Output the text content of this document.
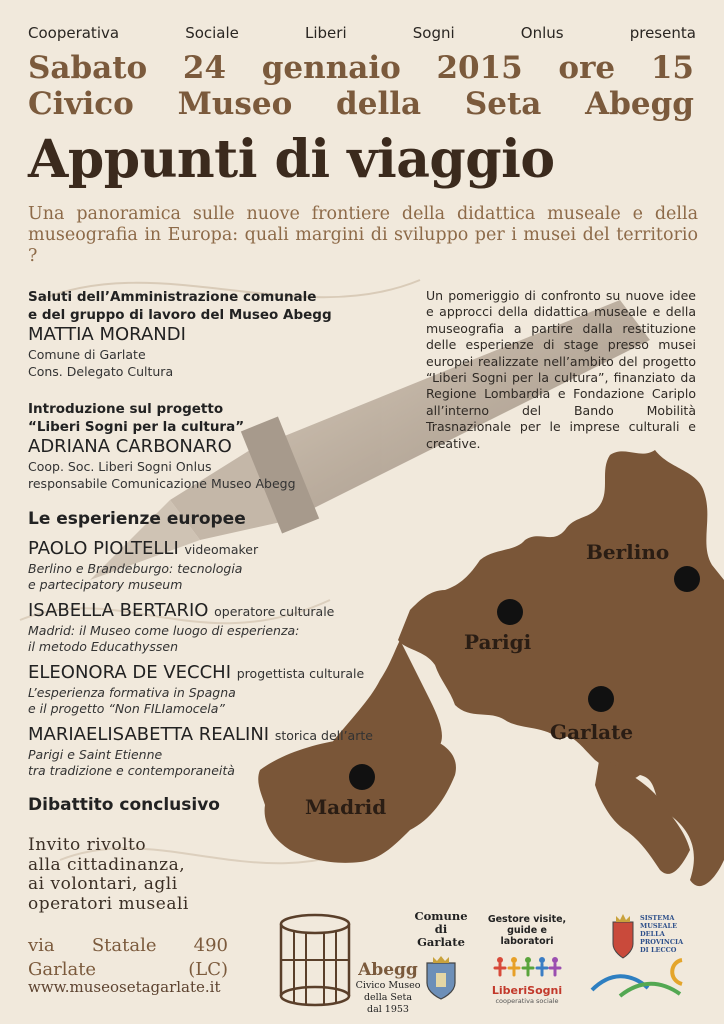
Cooperativa	Sociale	Liberi	Sogni	Onlus	presenta
Sabato 24 gennaio 2015 ore 15
Civico Museo della Seta Abegg
Appunti di viaggio
Una panoramica sulle nuove frontiere della didattica museale e della museografia in Europa: quali margini di sviluppo per i musei del territorio ?
Saluti dell’Amministrazione comunale
e del gruppo di lavoro del Museo Abegg
MATTIA MORANDI
Comune di Garlate
Cons. Delegato Cultura
Introduzione sul progetto
“Liberi Sogni per la cultura”
ADRIANA CARBONARO
Coop. Soc. Liberi Sogni Onlus
responsabile Comunicazione Museo Abegg
Le esperienze europee
PAOLO PIOLTELLI videomaker
Berlino e Brandeburgo: tecnologia
e partecipatory museum
ISABELLA BERTARIO operatore culturale
Madrid: il Museo come luogo di esperienza:
il metodo Educathyssen
ELEONORA DE VECCHI progettista culturale
L’esperienza formativa in Spagna
e il progetto “Non FILIamocela”
MARIAELISABETTA REALINI storica dell’arte
Parigi e Saint Etienne
tra tradizione e contemporaneità
Dibattito conclusivo
Un pomeriggio di confronto su nuove idee e approcci della didattica museale e della museografia a partire dalla restituzione delle esperienze di stage presso musei europei realizzate nell’ambito del progetto “Liberi Sogni per la cultura”, finanziato da Regione Lombardia e Fondazione Cariplo all’interno del Bando Mobilità Trasnazionale per le imprese culturali e creative.
Berlino
Parigi
Garlate
Madrid
Invito rivolto
alla cittadinanza,
ai volontari, agli
operatori museali
via Statale 490
Garlate	(LC)
www.museosetagarlate.it
Abegg
Civico Museo della Seta
dal 1953
Comune
di Garlate
Gestore visite,
guide e laboratori
LiberiSogni
cooperativa sociale
SISTEMA MUSEALE
DELLA PROVINCIA
DI LECCO
